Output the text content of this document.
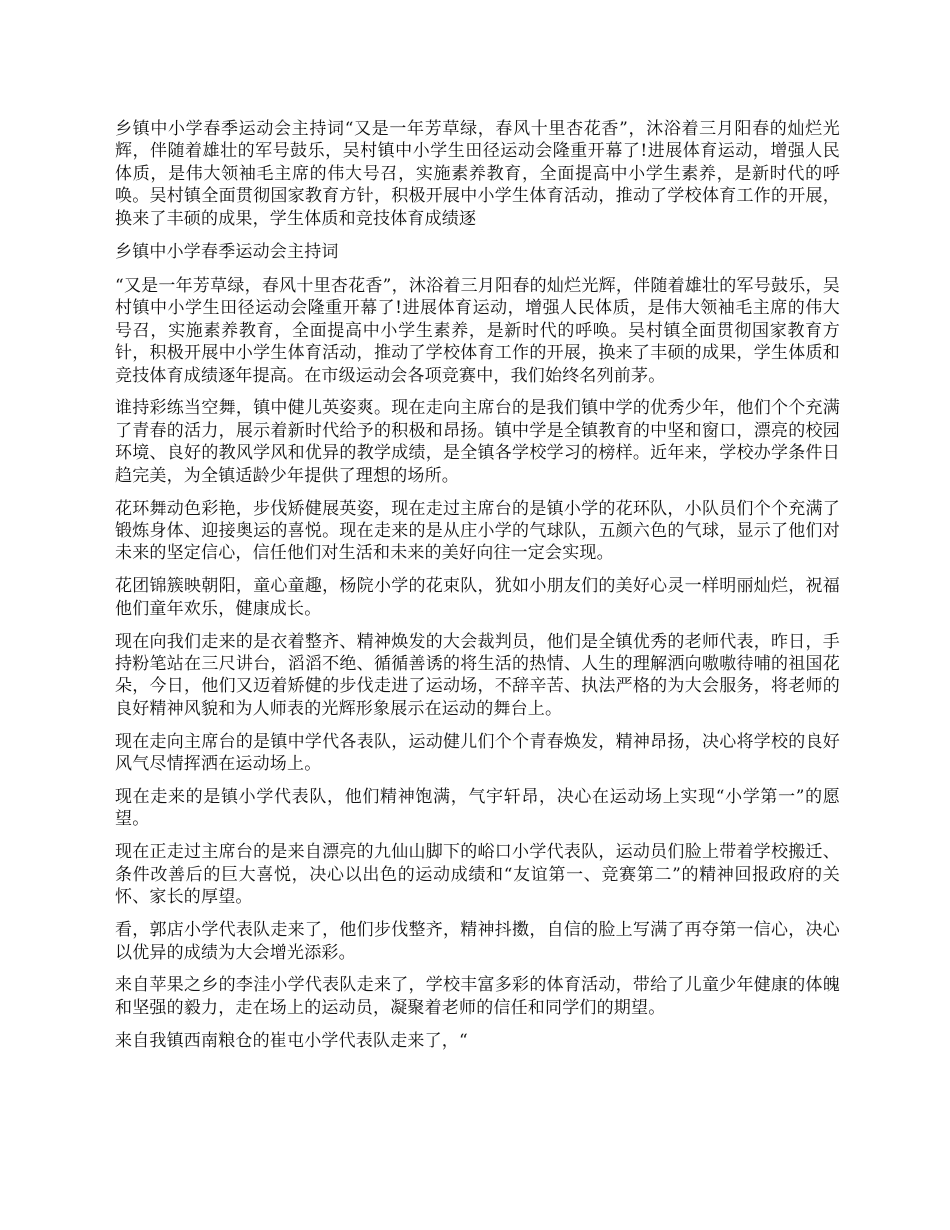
乡镇中小学春季运动会主持词“又是一年芳草绿，春风十里杏花香”，沐浴着三月阳春的灿烂光辉，伴随着雄壮的军号鼓乐，吴村镇中小学生田径运动会隆重开幕了!进展体育运动，增强人民体质，是伟大领袖毛主席的伟大号召，实施素养教育，全面提高中小学生素养，是新时代的呼唤。吴村镇全面贯彻国家教育方针，积极开展中小学生体育活动，推动了学校体育工作的开展，换来了丰硕的成果，学生体质和竞技体育成绩逐

乡镇中小学春季运动会主持词

“又是一年芳草绿，春风十里杏花香”，沐浴着三月阳春的灿烂光辉，伴随着雄壮的军号鼓乐，吴村镇中小学生田径运动会隆重开幕了!进展体育运动，增强人民体质，是伟大领袖毛主席的伟大号召，实施素养教育，全面提高中小学生素养，是新时代的呼唤。吴村镇全面贯彻国家教育方针，积极开展中小学生体育活动，推动了学校体育工作的开展，换来了丰硕的成果，学生体质和竞技体育成绩逐年提高。在市级运动会各项竞赛中，我们始终名列前茅。

谁持彩练当空舞，镇中健儿英姿爽。现在走向主席台的是我们镇中学的优秀少年，他们个个充满了青春的活力，展示着新时代给予的积极和昂扬。镇中学是全镇教育的中坚和窗口，漂亮的校园环境、良好的教风学风和优异的教学成绩，是全镇各学校学习的榜样。近年来，学校办学条件日趋完美，为全镇适龄少年提供了理想的场所。

花环舞动色彩艳，步伐矫健展英姿，现在走过主席台的是镇小学的花环队，小队员们个个充满了锻炼身体、迎接奥运的喜悦。现在走来的是从庄小学的气球队，五颜六色的气球，显示了他们对未来的坚定信心，信任他们对生活和未来的美好向往一定会实现。

花团锦簇映朝阳，童心童趣，杨院小学的花束队，犹如小朋友们的美好心灵一样明丽灿烂，祝福他们童年欢乐，健康成长。

现在向我们走来的是衣着整齐、精神焕发的大会裁判员，他们是全镇优秀的老师代表，昨日，手持粉笔站在三尺讲台，滔滔不绝、循循善诱的将生活的热情、人生的理解洒向嗷嗷待哺的祖国花朵，今日，他们又迈着矫健的步伐走进了运动场，不辞辛苦、执法严格的为大会服务，将老师的良好精神风貌和为人师表的光辉形象展示在运动的舞台上。

现在走向主席台的是镇中学代各表队，运动健儿们个个青春焕发，精神昂扬，决心将学校的良好风气尽情挥洒在运动场上。

现在走来的是镇小学代表队，他们精神饱满，气宇轩昂，决心在运动场上实现“小学第一”的愿望。

现在正走过主席台的是来自漂亮的九仙山脚下的峪口小学代表队，运动员们脸上带着学校搬迁、条件改善后的巨大喜悦，决心以出色的运动成绩和“友谊第一、竞赛第二”的精神回报政府的关怀、家长的厚望。

看，郭店小学代表队走来了，他们步伐整齐，精神抖擞，自信的脸上写满了再夺第一信心，决心以优异的成绩为大会增光添彩。

来自苹果之乡的李洼小学代表队走来了，学校丰富多彩的体育活动，带给了儿童少年健康的体魄和坚强的毅力，走在场上的运动员，凝聚着老师的信任和同学们的期望。

来自我镇西南粮仓的崔屯小学代表队走来了，“
